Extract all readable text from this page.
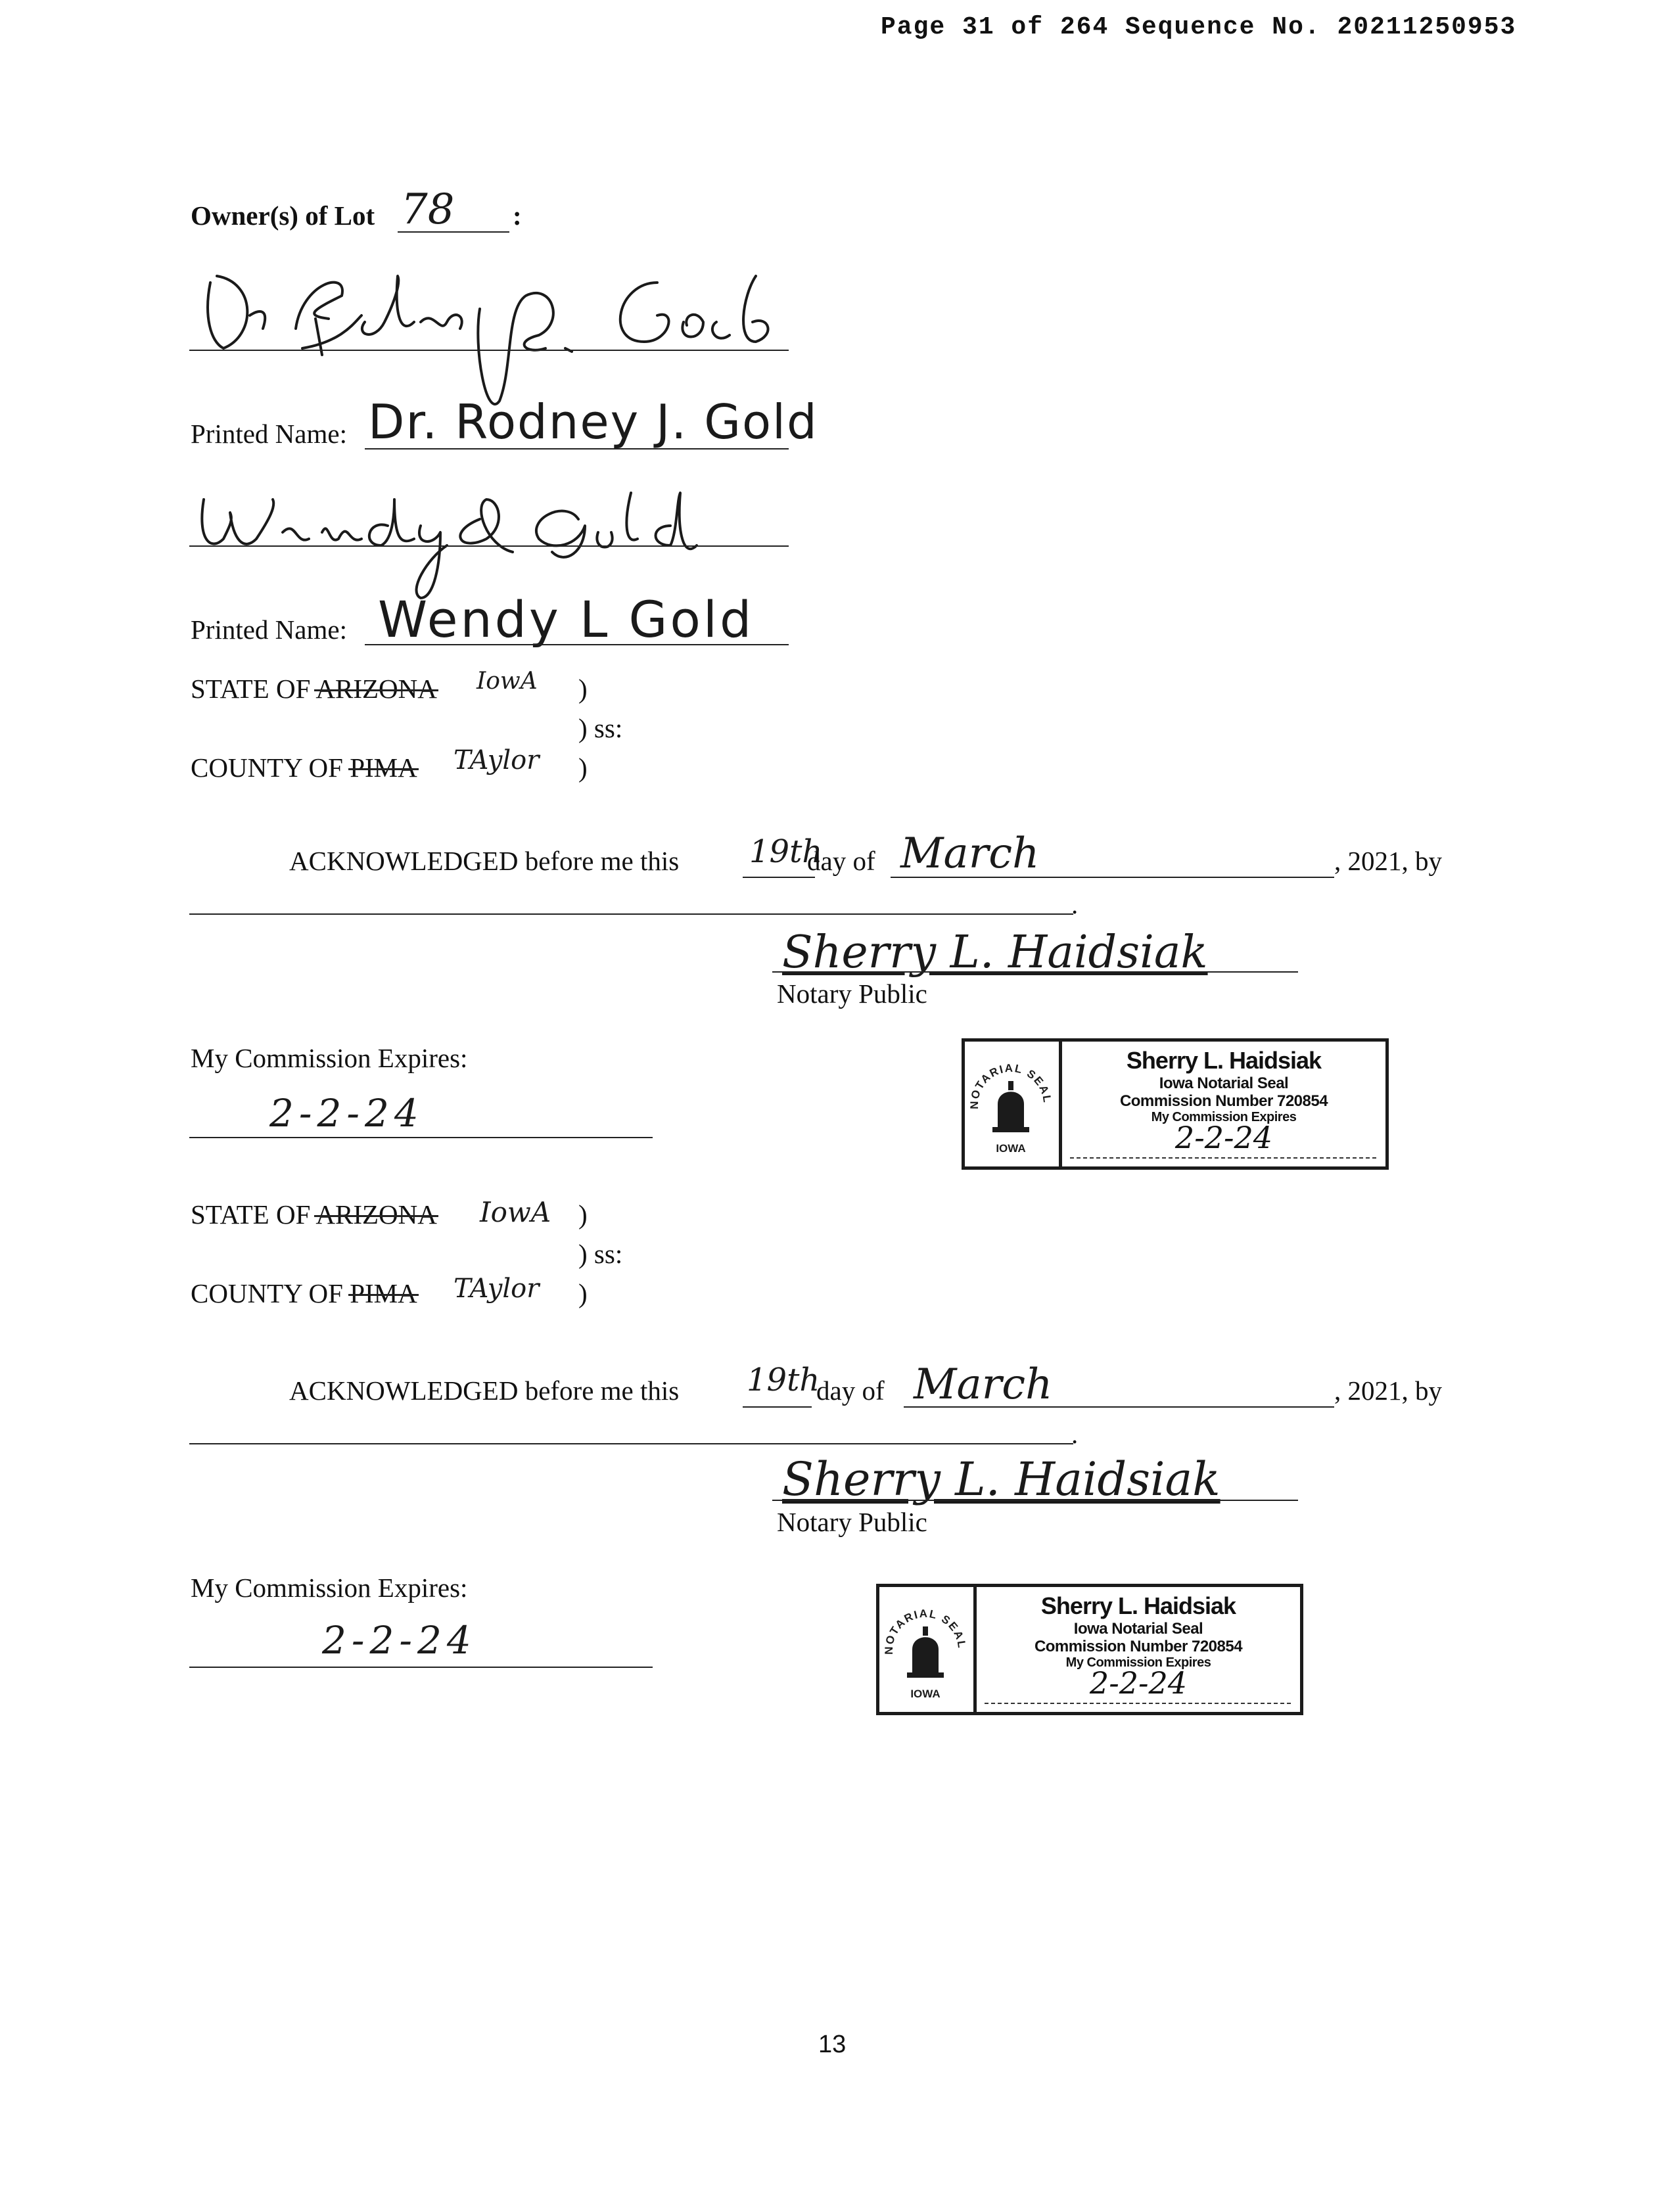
Page 31 of 264 Sequence No. 20211250953
Owner(s) of Lot 78 :
Printed Name: Dr. Rodney J. Gold
Printed Name: Wendy L Gold
STATE OF ARIZONA IowA )
) ss:
COUNTY OF PIMA TAylor )
ACKNOWLEDGED before me this 19th
day of March	, 2021, by
.
Sherry L. Haidsiak
Notary Public
My Commission Expires:
2-2-24	NOTARIAL SEAL
IOWA
Sherry L. Haidsiak
Iowa Notarial Seal
Commission Number 720854
My Commission Expires
2-2-24
STATE OF ARIZONA IowA )
) ss:
COUNTY OF PIMA TAylor )
ACKNOWLEDGED before me this 19th
day of March	, 2021, by
.
Sherry L. Haidsiak
Notary Public
My Commission Expires:
2-2-24	NOTARIAL SEAL
IOWA
Sherry L. Haidsiak
Iowa Notarial Seal
Commission Number 720854
My Commission Expires
2-2-24
13
